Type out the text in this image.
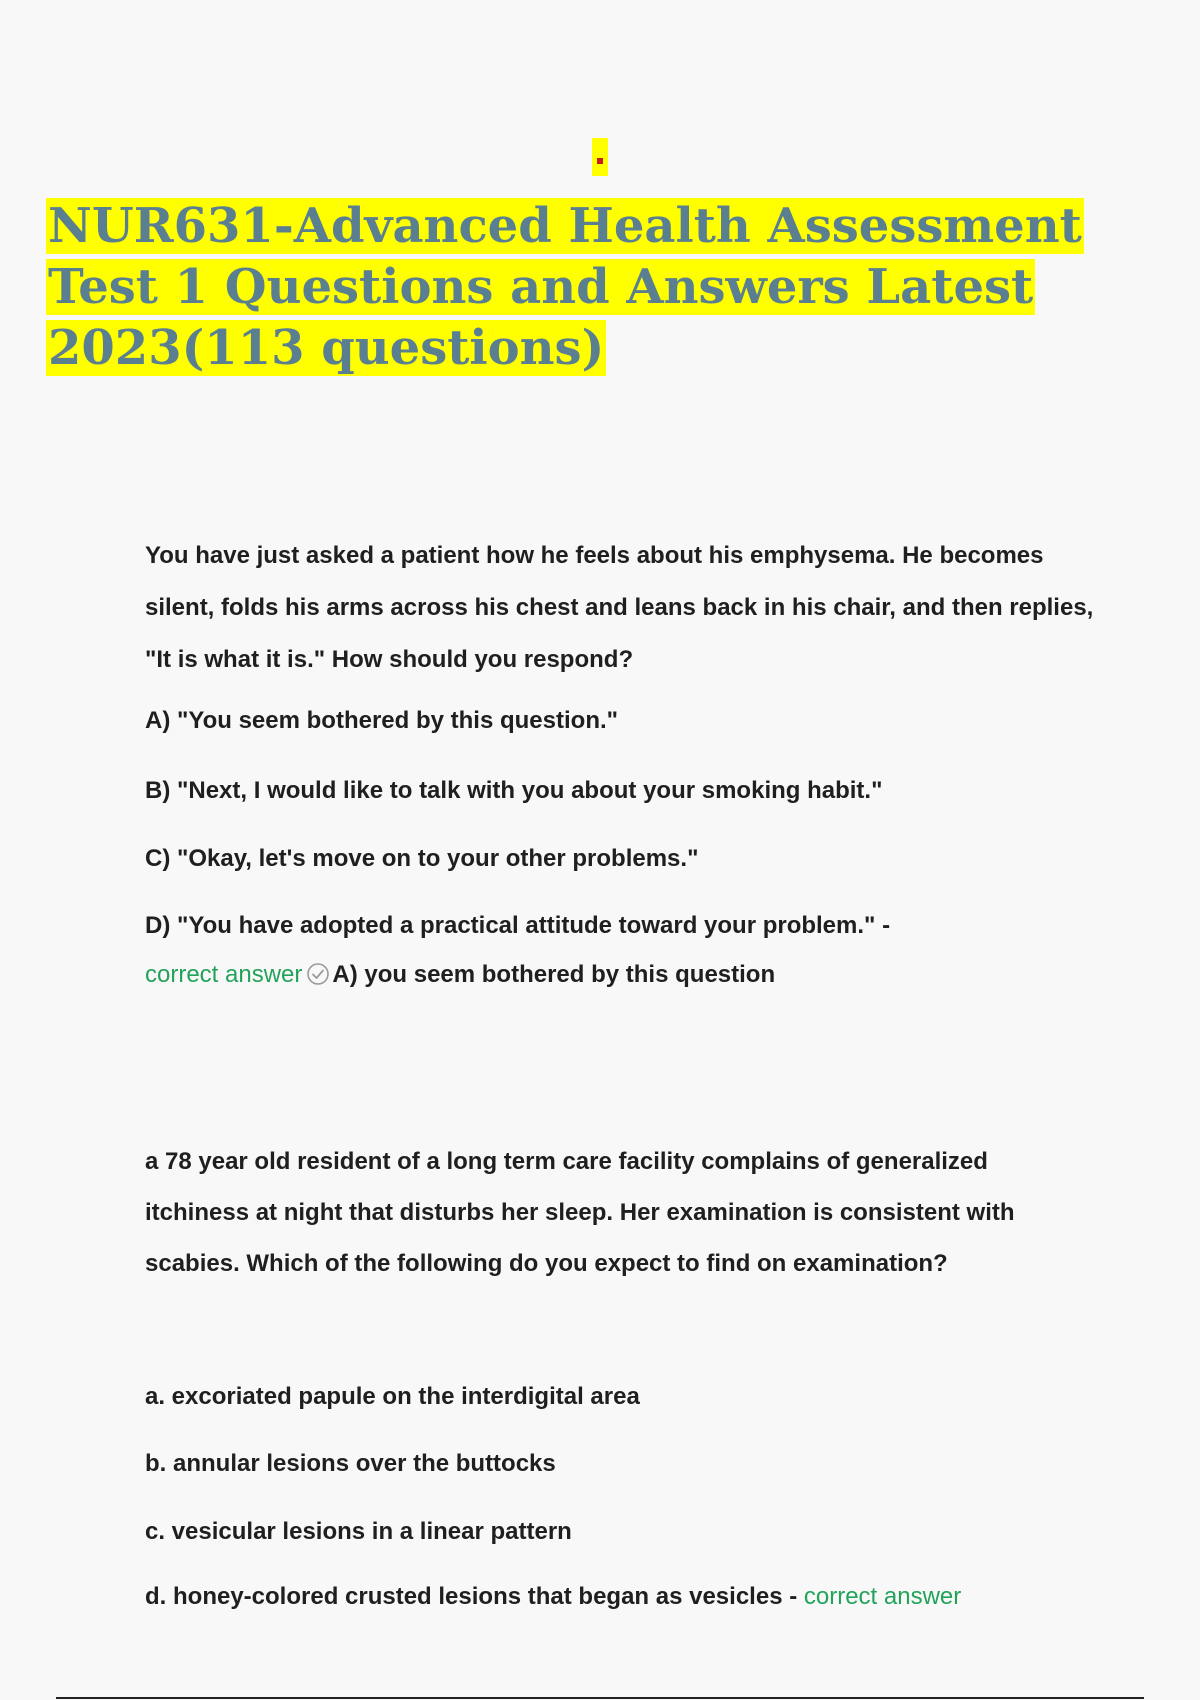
NUR631-Advanced Health Assessment Test 1 Questions and Answers Latest 2023(113 questions)

You have just asked a patient how he feels about his emphysema. He becomes silent, folds his arms across his chest and leans back in his chair, and then replies, "It is what it is." How should you respond?

A) "You seem bothered by this question."

B) "Next, I would like to talk with you about your smoking habit."

C) "Okay, let's move on to your other problems."

D) "You have adopted a practical attitude toward your problem." -

correct answer A) you seem bothered by this question

a 78 year old resident of a long term care facility complains of generalized itchiness at night that disturbs her sleep. Her examination is consistent with scabies. Which of the following do you expect to find on examination?

a. excoriated papule on the interdigital area

b. annular lesions over the buttocks

c. vesicular lesions in a linear pattern

d. honey-colored crusted lesions that began as vesicles - correct answer
